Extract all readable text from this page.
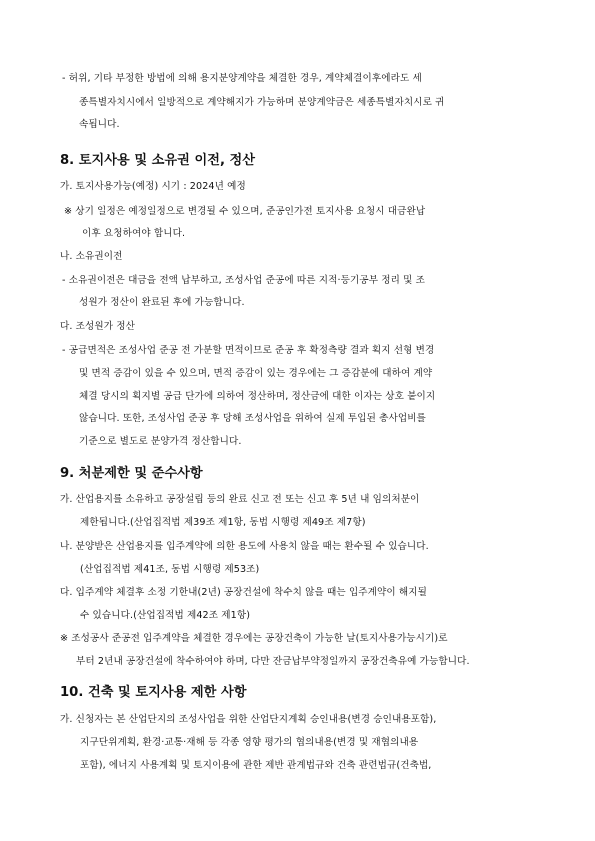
- 허위, 기타 부정한 방법에 의해 용지분양계약을 체결한 경우, 계약체결이후에라도 세
종특별자치시에서 일방적으로 계약해지가 가능하며 분양계약금은 세종특별자치시로 귀
속됩니다.
8. 토지사용 및 소유권 이전, 정산
가. 토지사용가능(예정) 시기 : 2024년 예정
※ 상기 일정은 예정일정으로 변경될 수 있으며, 준공인가전 토지사용 요청시 대금완납
이후 요청하여야 합니다.
나. 소유권이전
- 소유권이전은 대금을 전액 납부하고, 조성사업 준공에 따른 지적·등기공부 정리 및 조
성원가 정산이 완료된 후에 가능합니다.
다. 조성원가 정산
- 공급면적은 조성사업 준공 전 가분할 면적이므로 준공 후 확정측량 결과 획지 선형 변경
및 면적 증감이 있을 수 있으며, 면적 증감이 있는 경우에는 그 증감분에 대하여 계약
체결 당시의 획지별 공급 단가에 의하여 정산하며, 정산금에 대한 이자는 상호 붙이지
않습니다. 또한, 조성사업 준공 후 당해 조성사업을 위하여 실제 투입된 총사업비를
기준으로 별도로 분양가격 정산합니다.
9. 처분제한 및 준수사항
가. 산업용지를 소유하고 공장설립 등의 완료 신고 전 또는 신고 후 5년 내 임의처분이
제한됩니다.(산업집적법 제39조 제1항, 동법 시행령 제49조 제7항)
나. 분양받은 산업용지를 입주계약에 의한 용도에 사용치 않을 때는 환수될 수 있습니다.
(산업집적법 제41조, 동법 시행령 제53조)
다. 입주계약 체결후 소정 기한내(2년) 공장건설에 착수치 않을 때는 입주계약이 해지될
수 있습니다.(산업집적법 제42조 제1항)
※ 조성공사 준공전 입주계약을 체결한 경우에는 공장건축이 가능한 날(토지사용가능시기)로
부터 2년내 공장건설에 착수하여야 하며, 다만 잔금납부약정일까지 공장건축유예 가능합니다.
10. 건축 및 토지사용 제한 사항
가. 신청자는 본 산업단지의 조성사업을 위한 산업단지계획 승인내용(변경 승인내용포함),
지구단위계획, 환경·교통·재해 등 각종 영향 평가의 협의내용(변경 및 재협의내용
포함), 에너지 사용계획 및 토지이용에 관한 제반 관계법규와 건축 관련법규(건축법,
